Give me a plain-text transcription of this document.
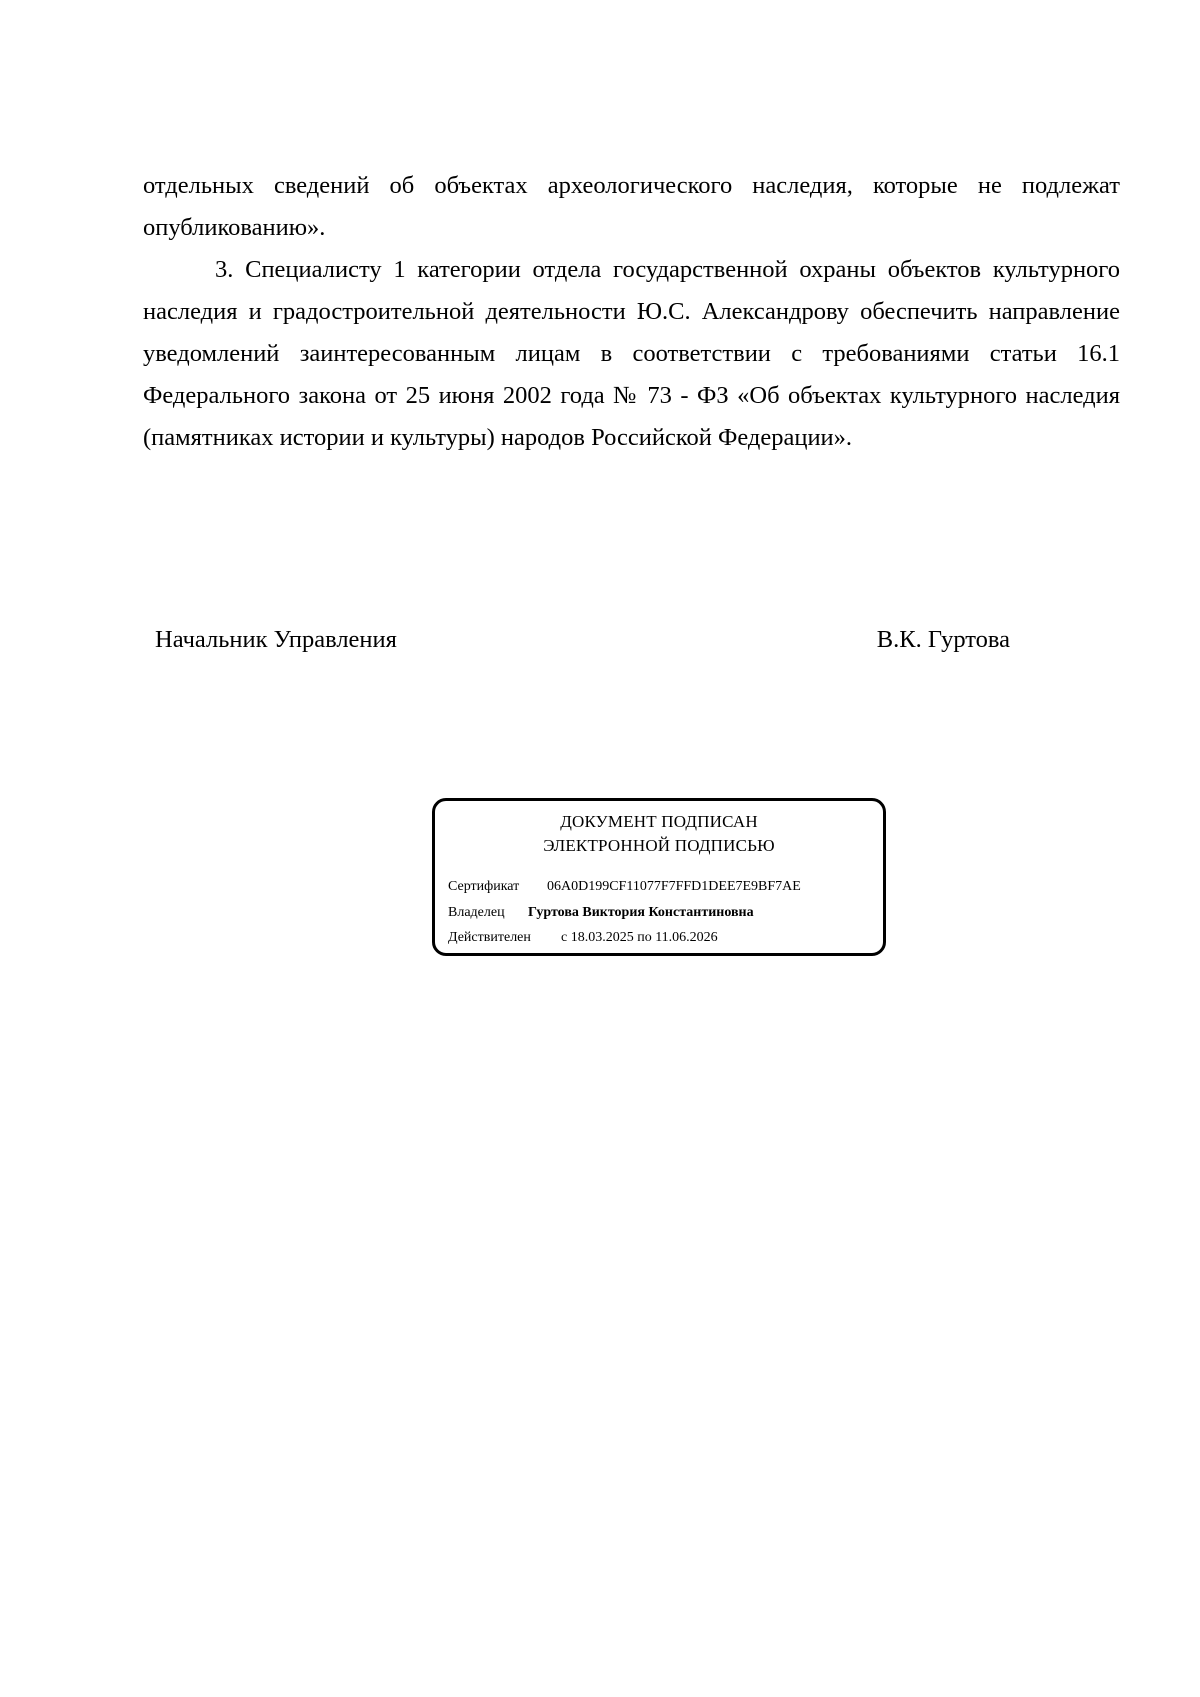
отдельных сведений об объектах археологического наследия, которые не подлежат опубликованию».

3. Специалисту 1 категории отдела государственной охраны объектов культурного наследия и градостроительной деятельности Ю.С. Александрову обеспечить направление уведомлений заинтересованным лицам в соответствии с требованиями статьи 16.1 Федерального закона от 25 июня 2002 года № 73 - ФЗ «Об объектах культурного наследия (памятниках истории и культуры) народов Российской Федерации».

Начальник Управления	В.К. Гуртова
ДОКУМЕНТ ПОДПИСАН
ЭЛЕКТРОННОЙ ПОДПИСЬЮ
Сертификат 06A0D199CF11077F7FFD1DEE7E9BF7AE
Владелец Гуртова Виктория Константиновна
Действителен с 18.03.2025 по 11.06.2026
